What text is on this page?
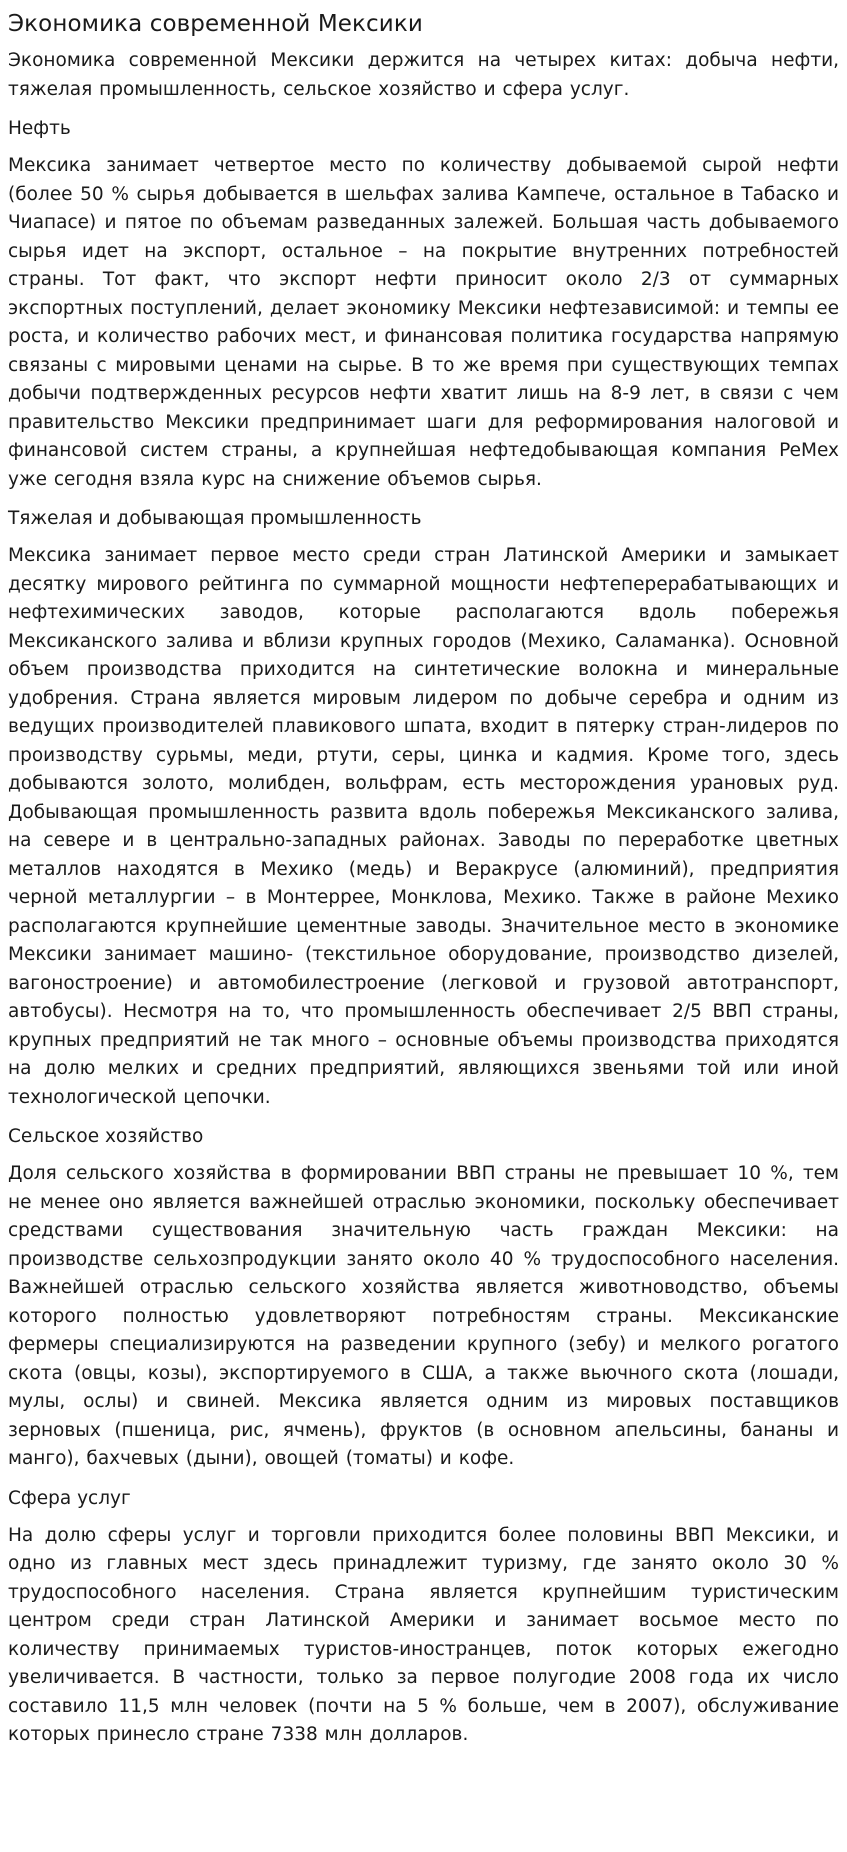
Экономика современной Мексики

Экономика современной Мексики держится на четырех китах: добыча нефти, тяжелая промышленность, сельское хозяйство и сфера услуг.

Нефть

Мексика занимает четвертое место по количеству добываемой сырой нефти (более 50 % сырья добывается в шельфах залива Кампече, остальное в Табаско и Чиапасе) и пятое по объемам разведанных залежей. Большая часть добываемого сырья идет на экспорт, остальное – на покрытие внутренних потребностей страны. Тот факт, что экспорт нефти приносит около 2/3 от суммарных экспортных поступлений, делает экономику Мексики нефтезависимой: и темпы ее роста, и количество рабочих мест, и финансовая политика государства напрямую связаны с мировыми ценами на сырье. В то же время при существующих темпах добычи подтвержденных ресурсов нефти хватит лишь на 8-9 лет, в связи с чем правительство Мексики предпринимает шаги для реформирования налоговой и финансовой систем страны, а крупнейшая нефтедобывающая компания PeMex уже сегодня взяла курс на снижение объемов сырья.

Тяжелая и добывающая промышленность

Мексика занимает первое место среди стран Латинской Америки и замыкает десятку мирового рейтинга по суммарной мощности нефтеперерабатывающих и нефтехимических заводов, которые располагаются вдоль побережья Мексиканского залива и вблизи крупных городов (Мехико, Саламанка). Основной объем производства приходится на синтетические волокна и минеральные удобрения. Страна является мировым лидером по добыче серебра и одним из ведущих производителей плавикового шпата, входит в пятерку стран-лидеров по производству сурьмы, меди, ртути, серы, цинка и кадмия. Кроме того, здесь добываются золото, молибден, вольфрам, есть месторождения урановых руд. Добывающая промышленность развита вдоль побережья Мексиканского залива, на севере и в центрально-западных районах. Заводы по переработке цветных металлов находятся в Мехико (медь) и Веракрусе (алюминий), предприятия черной металлургии – в Монтеррее, Монклова, Мехико. Также в районе Мехико располагаются крупнейшие цементные заводы. Значительное место в экономике Мексики занимает машино- (текстильное оборудование, производство дизелей, вагоностроение) и автомобилестроение (легковой и грузовой автотранспорт, автобусы). Несмотря на то, что промышленность обеспечивает 2/5 ВВП страны, крупных предприятий не так много – основные объемы производства приходятся на долю мелких и средних предприятий, являющихся звеньями той или иной технологической цепочки.

Сельское хозяйство

Доля сельского хозяйства в формировании ВВП страны не превышает 10 %, тем не менее оно является важнейшей отраслью экономики, поскольку обеспечивает средствами существования значительную часть граждан Мексики: на производстве сельхозпродукции занято около 40 % трудоспособного населения. Важнейшей отраслью сельского хозяйства является животноводство, объемы которого полностью удовлетворяют потребностям страны. Мексиканские фермеры специализируются на разведении крупного (зебу) и мелкого рогатого скота (овцы, козы), экспортируемого в США, а также вьючного скота (лошади, мулы, ослы) и свиней. Мексика является одним из мировых поставщиков зерновых (пшеница, рис, ячмень), фруктов (в основном апельсины, бананы и манго), бахчевых (дыни), овощей (томаты) и кофе.

Сфера услуг

На долю сферы услуг и торговли приходится более половины ВВП Мексики, и одно из главных мест здесь принадлежит туризму, где занято около 30 % трудоспособного населения. Страна является крупнейшим туристическим центром среди стран Латинской Америки и занимает восьмое место по количеству принимаемых туристов-иностранцев, поток которых ежегодно увеличивается. В частности, только за первое полугодие 2008 года их число составило 11,5 млн человек (почти на 5 % больше, чем в 2007), обслуживание которых принесло стране 7338 млн долларов.
